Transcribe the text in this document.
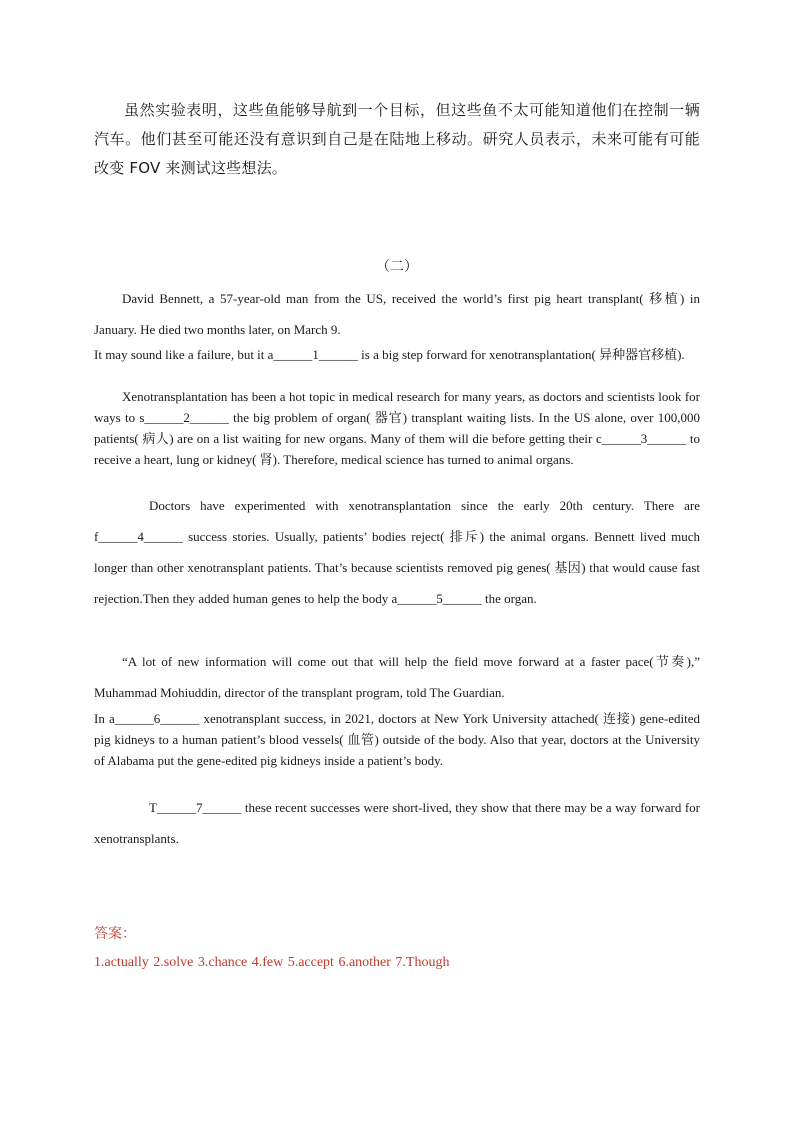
虽然实验表明，这些鱼能够导航到一个目标，但这些鱼不太可能知道他们在控制一辆汽车。他们甚至可能还没有意识到自己是在陆地上移动。研究人员表示，未来可能有可能改变 FOV 来测试这些想法。

（二）

David Bennett, a 57-year-old man from the US, received the world’s first pig heart transplant( 移植) in January. He died two months later, on March 9.

It may sound like a failure, but it a______1______ is a big step forward for xenotransplantation( 异种器官移植).

Xenotransplantation has been a hot topic in medical research for many years, as doctors and scientists look for ways to s______2______ the big problem of organ( 器官) transplant waiting lists. In the US alone, over 100,000 patients( 病人) are on a list waiting for new organs. Many of them will die before getting their c______3______ to receive a heart, lung or kidney( 肾). Therefore, medical science has turned to animal organs.

Doctors have experimented with xenotransplantation since the early 20th century. There are f______4______ success stories. Usually, patients’ bodies reject( 排斥) the animal organs. Bennett lived much longer than other xenotransplant patients. That’s because scientists removed pig genes( 基因) that would cause fast rejection.Then they added human genes to help the body a______5______ the organ.

“A lot of new information will come out that will help the field move forward at a faster pace(节奏),” Muhammad Mohiuddin, director of the transplant program, told The Guardian.

In a______6______ xenotransplant success, in 2021, doctors at New York University attached( 连接) gene-edited pig kidneys to a human patient’s blood vessels( 血管) outside of the body. Also that year, doctors at the University of Alabama put the gene-edited pig kidneys inside a patient’s body.

T______7______ these recent successes were short-lived, they show that there may be a way forward for xenotransplants.

答案：
1.actually 2.solve 3.chance 4.few 5.accept 6.another 7.Though
